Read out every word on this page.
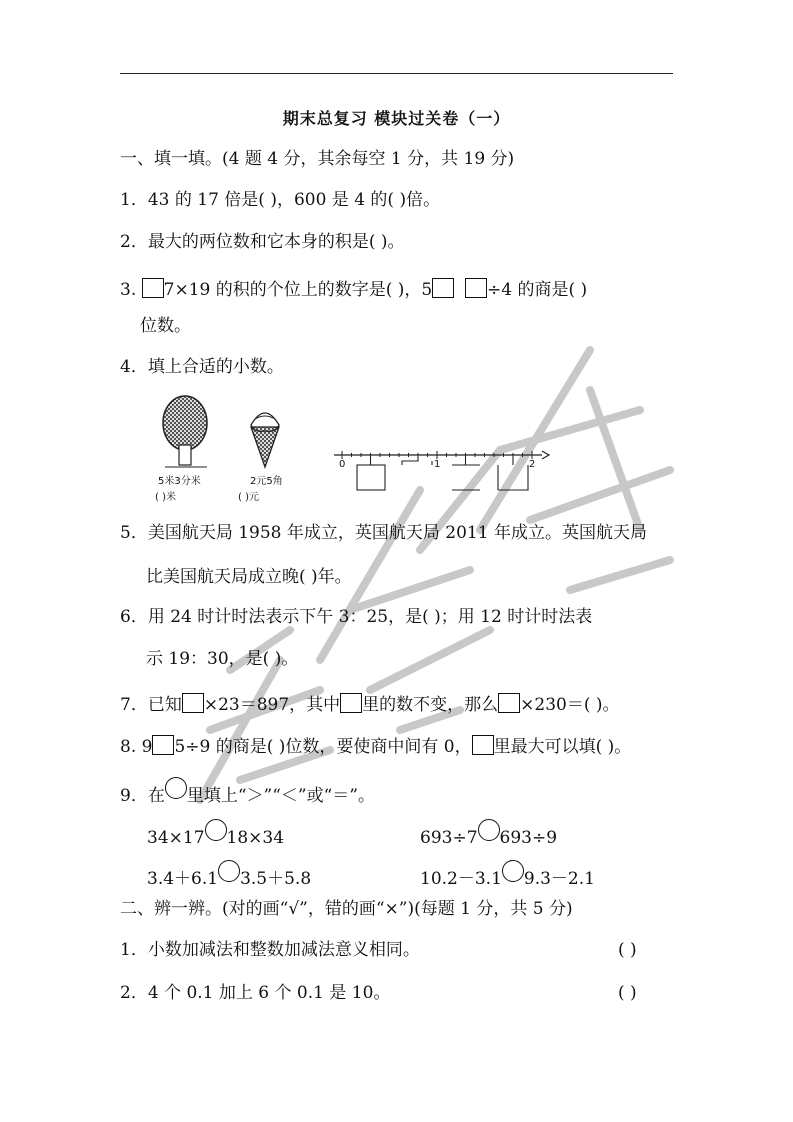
期末总复习 模块过关卷（一）
一、填一填。(4 题 4 分，其余每空 1 分，共 19 分)
1．43 的 17 倍是( )，600 是 4 的( )倍。
2．最大的两位数和它本身的积是( )。
3. 7×19 的积的个位上的数字是( )，5	÷4 的商是( )
位数。
4．填上合适的小数。
5米3分米
( )米
2元5角
( )元
0	1	2
5．美国航天局 1958 年成立，英国航天局 2011 年成立。英国航天局
比美国航天局成立晚( )年。
6．用 24 时计时法表示下午 3：25，是( )；用 12 时计时法表
示 19：30，是( )。
7．已知 ×23＝897，其中 里的数不变，那么 ×230＝( )。
8. 9 5÷9 的商是( )位数，要使商中间有 0， 里最大可以填( )。
9．在 里填上“＞”“＜”或“＝”。
34×17 18×34	693÷7 693÷9
3.4＋6.1 3.5＋5.8	10.2－3.1 9.3－2.1
二、辨一辨。(对的画“√”，错的画“×”)(每题 1 分，共 5 分)
1．小数加减法和整数加减法意义相同。	( )
2．4 个 0.1 加上 6 个 0.1 是 10。	( )
